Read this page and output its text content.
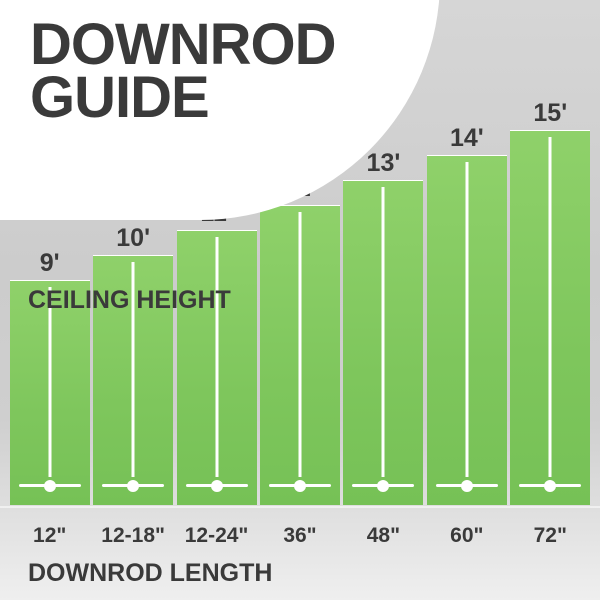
9'
10'
13'
14'
15'
12"	12-18" 12-24"	36"	48"	60"	72"
DOWNROD
GUIDE
CEILING HEIGHT
DOWNROD LENGTH
